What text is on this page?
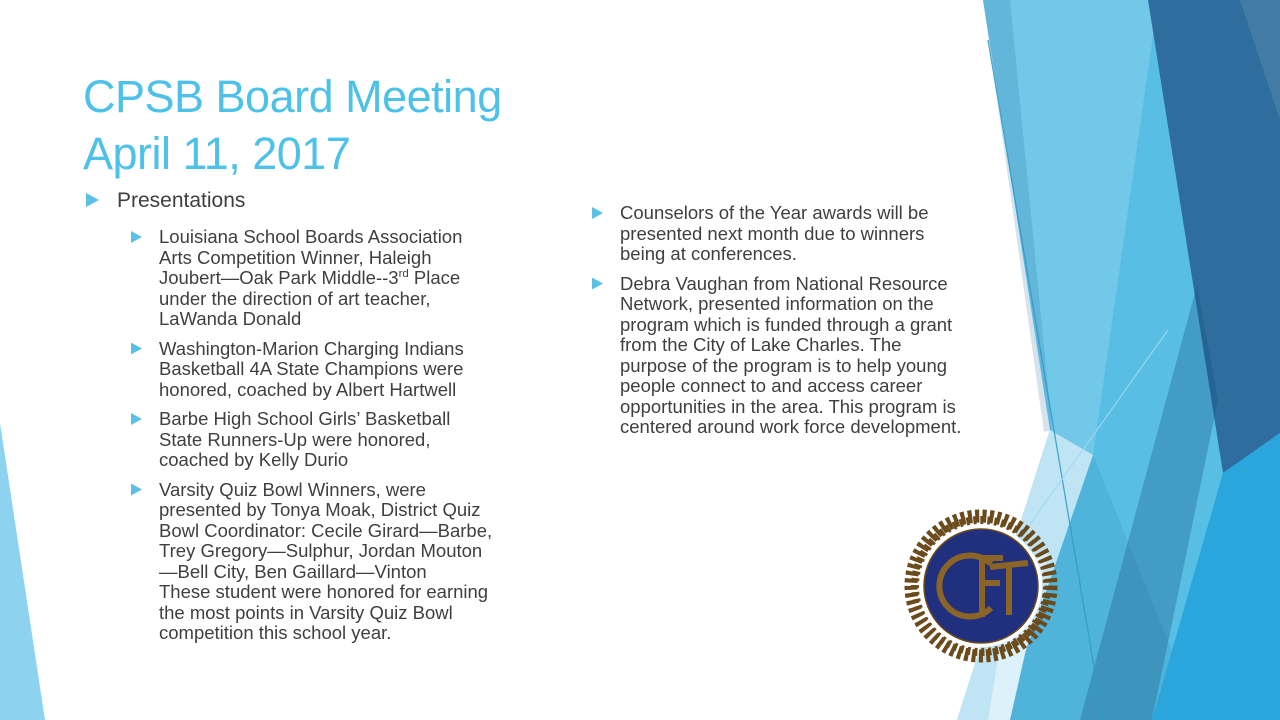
CPSB Board Meeting
April 11, 2017
Presentations
Louisiana School Boards Association Arts Competition Winner, Haleigh Joubert—Oak Park Middle--3rd Place under the direction of art teacher, LaWanda Donald
Washington-Marion Charging Indians Basketball 4A State Champions were honored, coached by Albert Hartwell
Barbe High School Girls’ Basketball State Runners-Up were honored, coached by Kelly Durio
Varsity Quiz Bowl Winners, were presented by Tonya Moak, District Quiz Bowl Coordinator: Cecile Girard—Barbe, Trey Gregory—Sulphur, Jordan Mouton—Bell City, Ben Gaillard—Vinton
These student were honored for earning the most points in Varsity Quiz Bowl competition this school year.
Counselors of the Year awards will be presented next month due to winners being at conferences.
Debra Vaughan from National Resource Network, presented information on the program which is funded through a grant from the City of Lake Charles. The purpose of the program is to help young people connect to and access career opportunities in the area. This program is centered around work force development.
